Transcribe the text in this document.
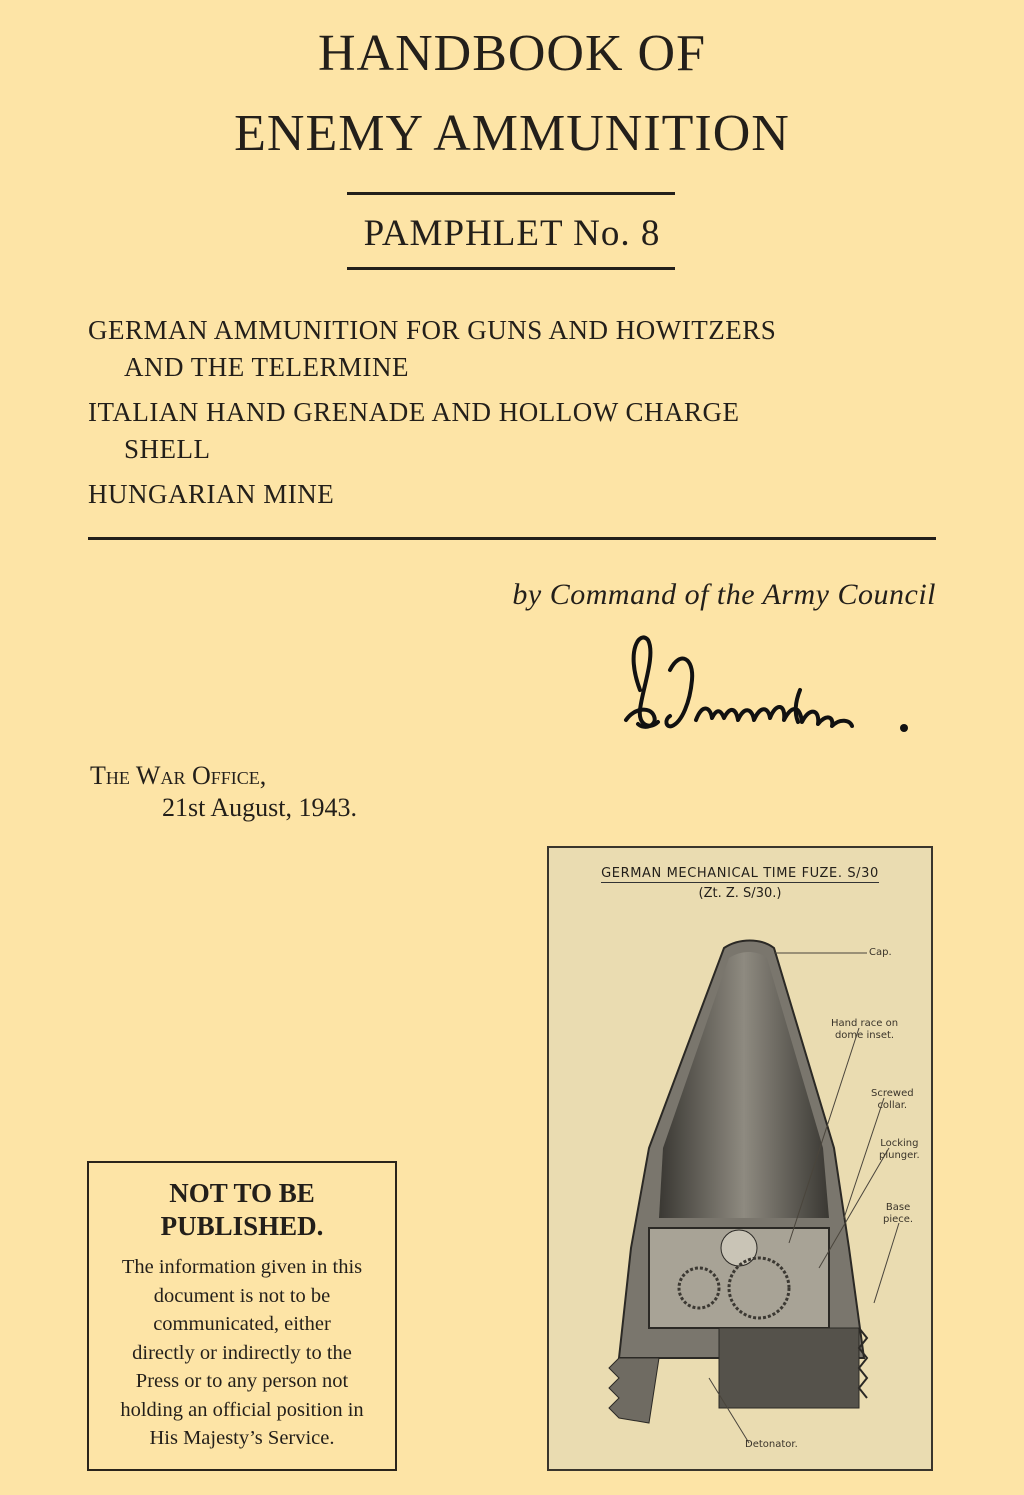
HANDBOOK OF
ENEMY AMMUNITION
PAMPHLET No. 8
GERMAN AMMUNITION FOR GUNS AND HOWITZERS
AND THE TELERMINE
ITALIAN HAND GRENADE AND HOLLOW CHARGE
SHELL
HUNGARIAN MINE
by Command of the Army Council
The War Office,
21st August, 1943.
NOT TO BE
PUBLISHED.
The information given in this
document is not to be
communicated, either
directly or indirectly to the
Press or to any person not
holding an official position in
His Majesty’s Service.
GERMAN MECHANICAL TIME FUZE. S/30
(Zt. Z. S/30.)
Cap.
Hand race on
dome inset.
Screwed
collar.
Locking
plunger.
Base
piece.
Detonator.
